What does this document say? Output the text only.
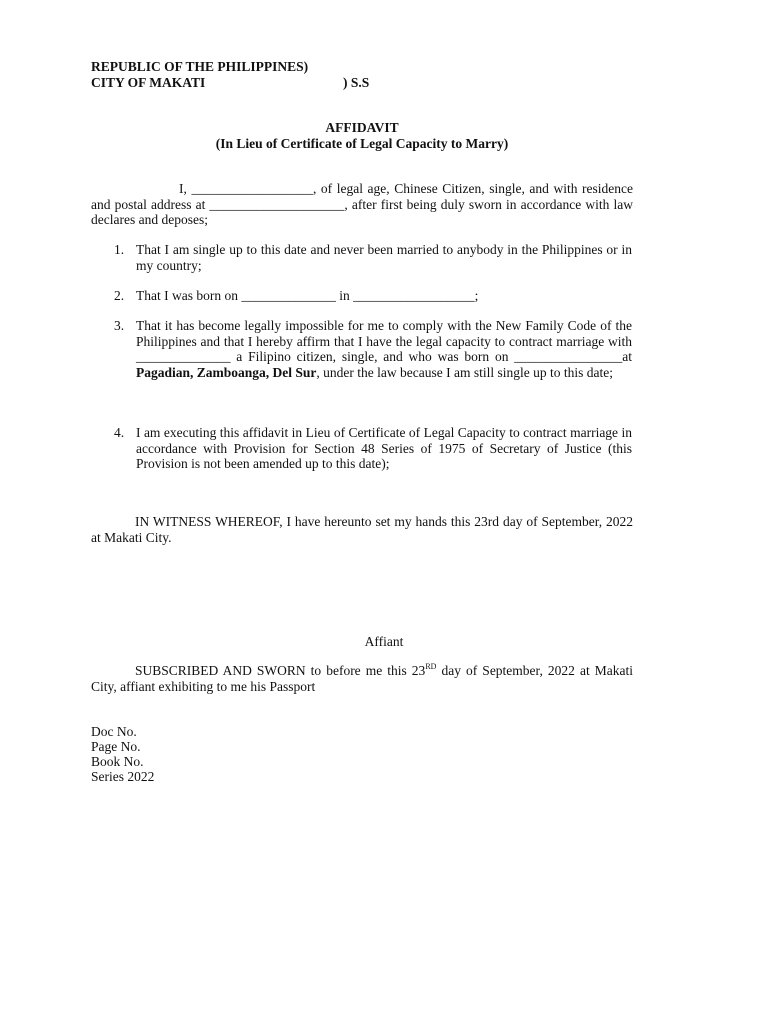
REPUBLIC OF THE PHILIPPINES)
CITY OF MAKATI	) S.S
AFFIDAVIT
(In Lieu of Certificate of Legal Capacity to Marry)
I, __________________, of legal age, Chinese Citizen, single, and with residence and postal address at ____________________, after first being duly sworn in accordance with law declares and deposes;
1. That I am single up to this date and never been married to anybody in the Philippines or in my country;
2. That I was born on ______________ in __________________;
3. That it has become legally impossible for me to comply with the New Family Code of the Philippines and that I hereby affirm that I have the legal capacity to contract marriage with ______________ a Filipino citizen, single, and who was born on ________________at Pagadian, Zamboanga, Del Sur, under the law because I am still single up to this date;
4. I am executing this affidavit in Lieu of Certificate of Legal Capacity to contract marriage in accordance with Provision for Section 48 Series of 1975 of Secretary of Justice (this Provision is not been amended up to this date);
IN WITNESS WHEREOF, I have hereunto set my hands this 23rd day of September, 2022 at Makati City.
Affiant
SUBSCRIBED AND SWORN to before me this 23RD day of September, 2022 at Makati City, affiant exhibiting to me his Passport
Doc No.
Page No.
Book No.
Series 2022
